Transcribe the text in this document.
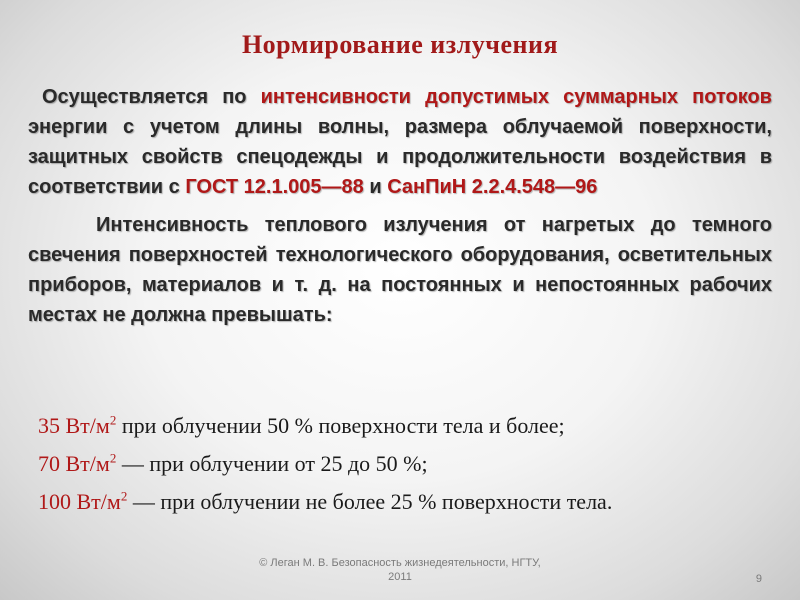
Нормирование излучения

Осуществляется по интенсивности допустимых суммарных потоков энергии с учетом длины волны, размера облучаемой поверхности, защитных свойств спецодежды и продолжительности воздействия в соответствии с ГОСТ 12.1.005—88 и СанПиН 2.2.4.548—96

Интенсивность теплового излучения от нагретых до темного свечения поверхностей технологического оборудования, осветительных приборов, материалов и т. д. на постоянных и непостоянных рабочих местах не должна превышать:

35 $Вт/м^2$ при облучении 50 % поверхности тела и более;
70 $Вт/м^2$ — при облучении от 25 до 50 %;
100 $Вт/м^2$ — при облучении не более 25 % поверхности тела.
© Леган М. В. Безопасность жизнедеятельности, НГТУ,
2011	9
